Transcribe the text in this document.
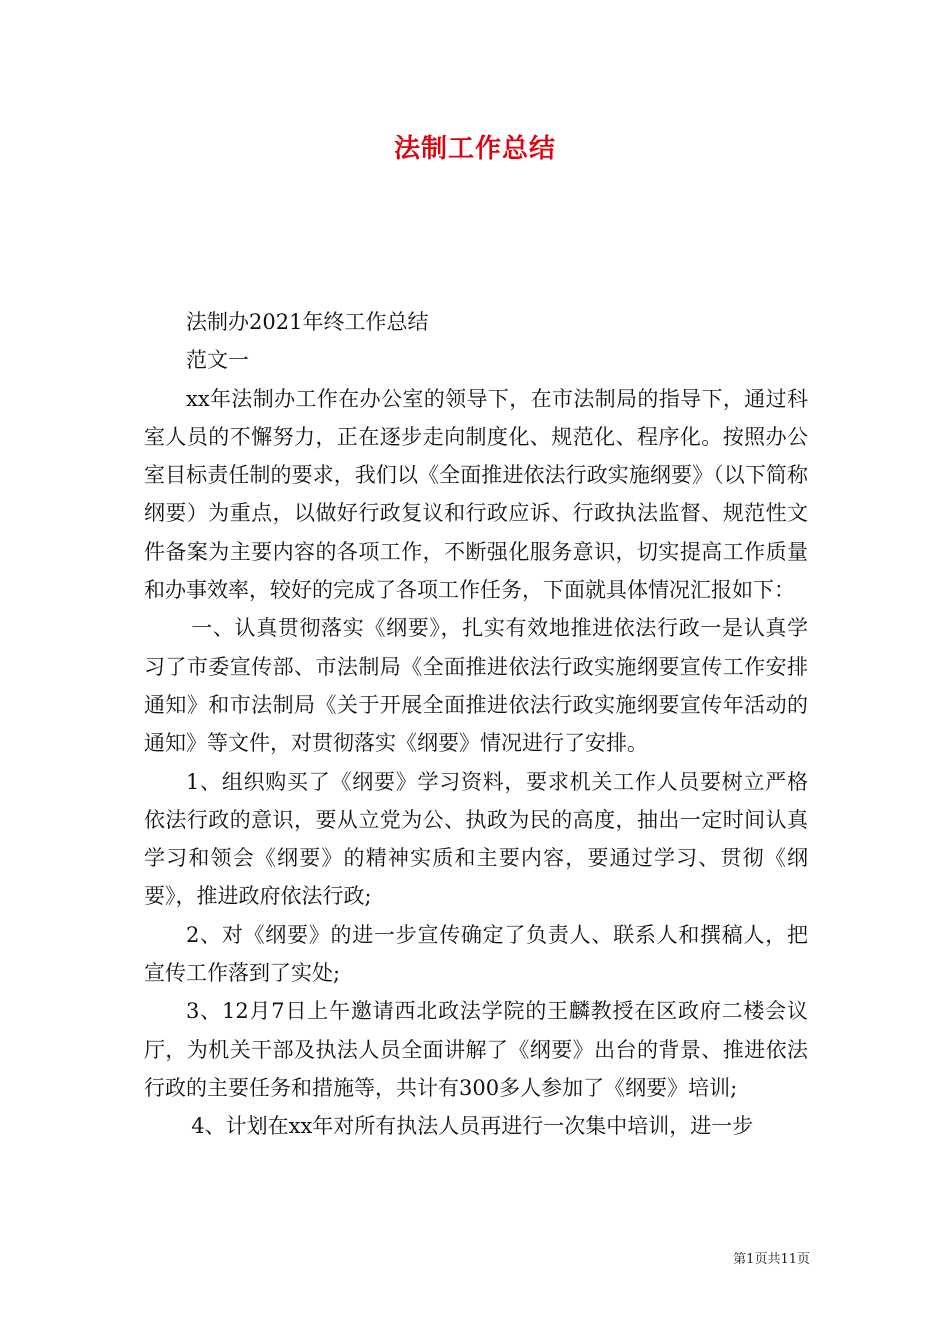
法制工作总结

法制办2021年终工作总结

范文一

xx年法制办工作在办公室的领导下，在市法制局的指导下，通过科室人员的不懈努力，正在逐步走向制度化、规范化、程序化。按照办公室目标责任制的要求，我们以《全面推进依法行政实施纲要》（以下简称纲要）为重点，以做好行政复议和行政应诉、行政执法监督、规范性文件备案为主要内容的各项工作，不断强化服务意识，切实提高工作质量和办事效率，较好的完成了各项工作任务，下面就具体情况汇报如下：

一、认真贯彻落实《纲要》，扎实有效地推进依法行政一是认真学习了市委宣传部、市法制局《全面推进依法行政实施纲要宣传工作安排通知》和市法制局《关于开展全面推进依法行政实施纲要宣传年活动的通知》等文件，对贯彻落实《纲要》情况进行了安排。

1、组织购买了《纲要》学习资料，要求机关工作人员要树立严格依法行政的意识，要从立党为公、执政为民的高度，抽出一定时间认真学习和领会《纲要》的精神实质和主要内容，要通过学习、贯彻《纲要》，推进政府依法行政;

2、对《纲要》的进一步宣传确定了负责人、联系人和撰稿人，把宣传工作落到了实处;

3、12月7日上午邀请西北政法学院的王麟教授在区政府二楼会议厅，为机关干部及执法人员全面讲解了《纲要》出台的背景、推进依法行政的主要任务和措施等，共计有300多人参加了《纲要》培训;

4、计划在xx年对所有执法人员再进行一次集中培训，进一步

第1页共11页
